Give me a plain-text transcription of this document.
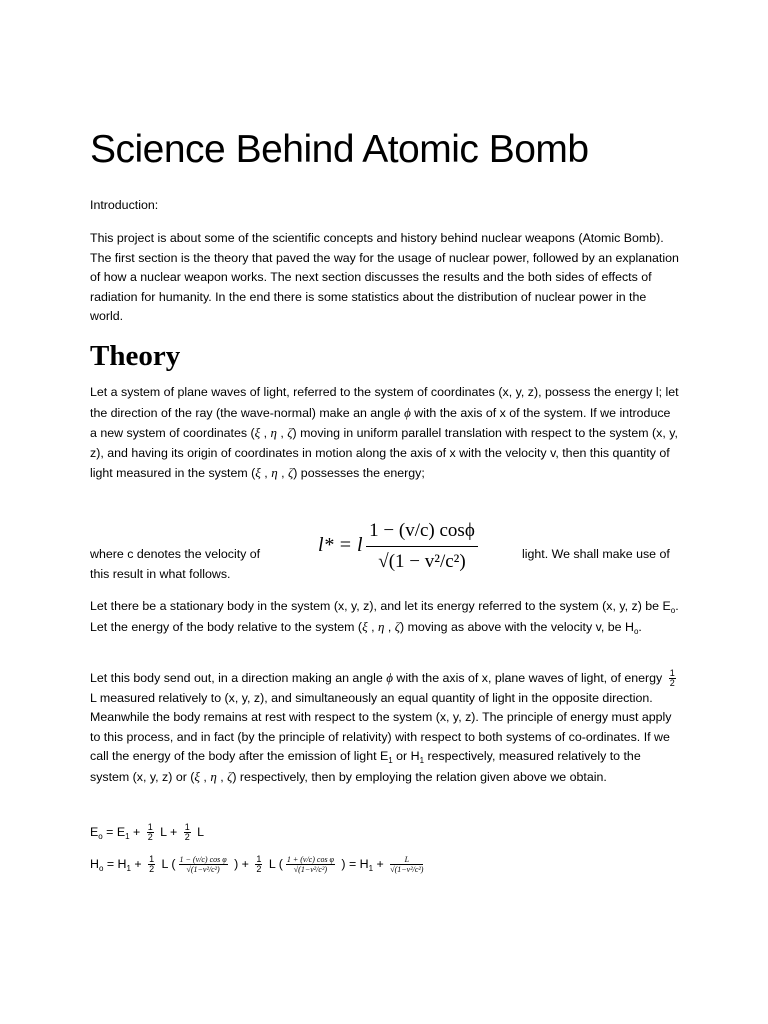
Science Behind Atomic Bomb
Introduction:
This project is about some of the scientific concepts and history behind nuclear weapons (Atomic Bomb). The first section is the theory that paved the way for the usage of nuclear power, followed by an explanation of how a nuclear weapon works. The next section discusses the results and the both sides of effects of radiation for humanity. In the end there is some statistics about the distribution of nuclear power in the world.
Theory
Let a system of plane waves of light, referred to the system of coordinates (x, y, z), possess the energy l; let the direction of the ray (the wave-normal) make an angle ϕ with the axis of x of the system. If we introduce a new system of coordinates (ξ , η , ζ) moving in uniform parallel translation with respect to the system (x, y, z), and having its origin of coordinates in motion along the axis of x with the velocity v, then this quantity of light measured in the system (ξ , η , ζ) possesses the energy;
where c denotes the velocity of	light. We shall make use of
this result in what follows.
l* = l $\frac{1 - (v/c) \cos\phi}{\text{√(1 − v²/c²)}}$
Let there be a stationary body in the system (x, y, z), and let its energy referred to the system (x, y, z) be $E_o$. Let the energy of the body relative to the system (ξ , η , ζ) moving as above with the velocity v, be $H_o$.
Let this body send out, in a direction making an angle ϕ with the axis of x, plane waves of light, of energy $\frac{1}{2}$
L measured relatively to (x, y, z), and simultaneously an equal quantity of light in the opposite direction. Meanwhile the body remains at rest with respect to the system (x, y, z). The principle of energy must apply to this process, and in fact (by the principle of relativity) with respect to both systems of co-ordinates. If we call the energy of the body after the emission of light $E_1$ or $H_1$ respectively, measured relatively to the system (x, y, z) or (ξ , η , ζ) respectively, then by employing the relation given above we obtain.
$E_o = E_1 + \frac{1}{2}$ $L + \frac{1}{2}$ L
$H_o = H_1 + \frac{1}{2}$ L ( $\frac{\text{1 − (v/c) cos φ}}{\text{√(1−v²/c²)}}$ ) + $\frac{1}{2}$ L ( $\frac{\text{1 + (v/c) cos φ}}{\text{√(1−v²/c²)}}$ ) = $H_1 + \frac{L}{\text{√(1−v²/c²)}}$
